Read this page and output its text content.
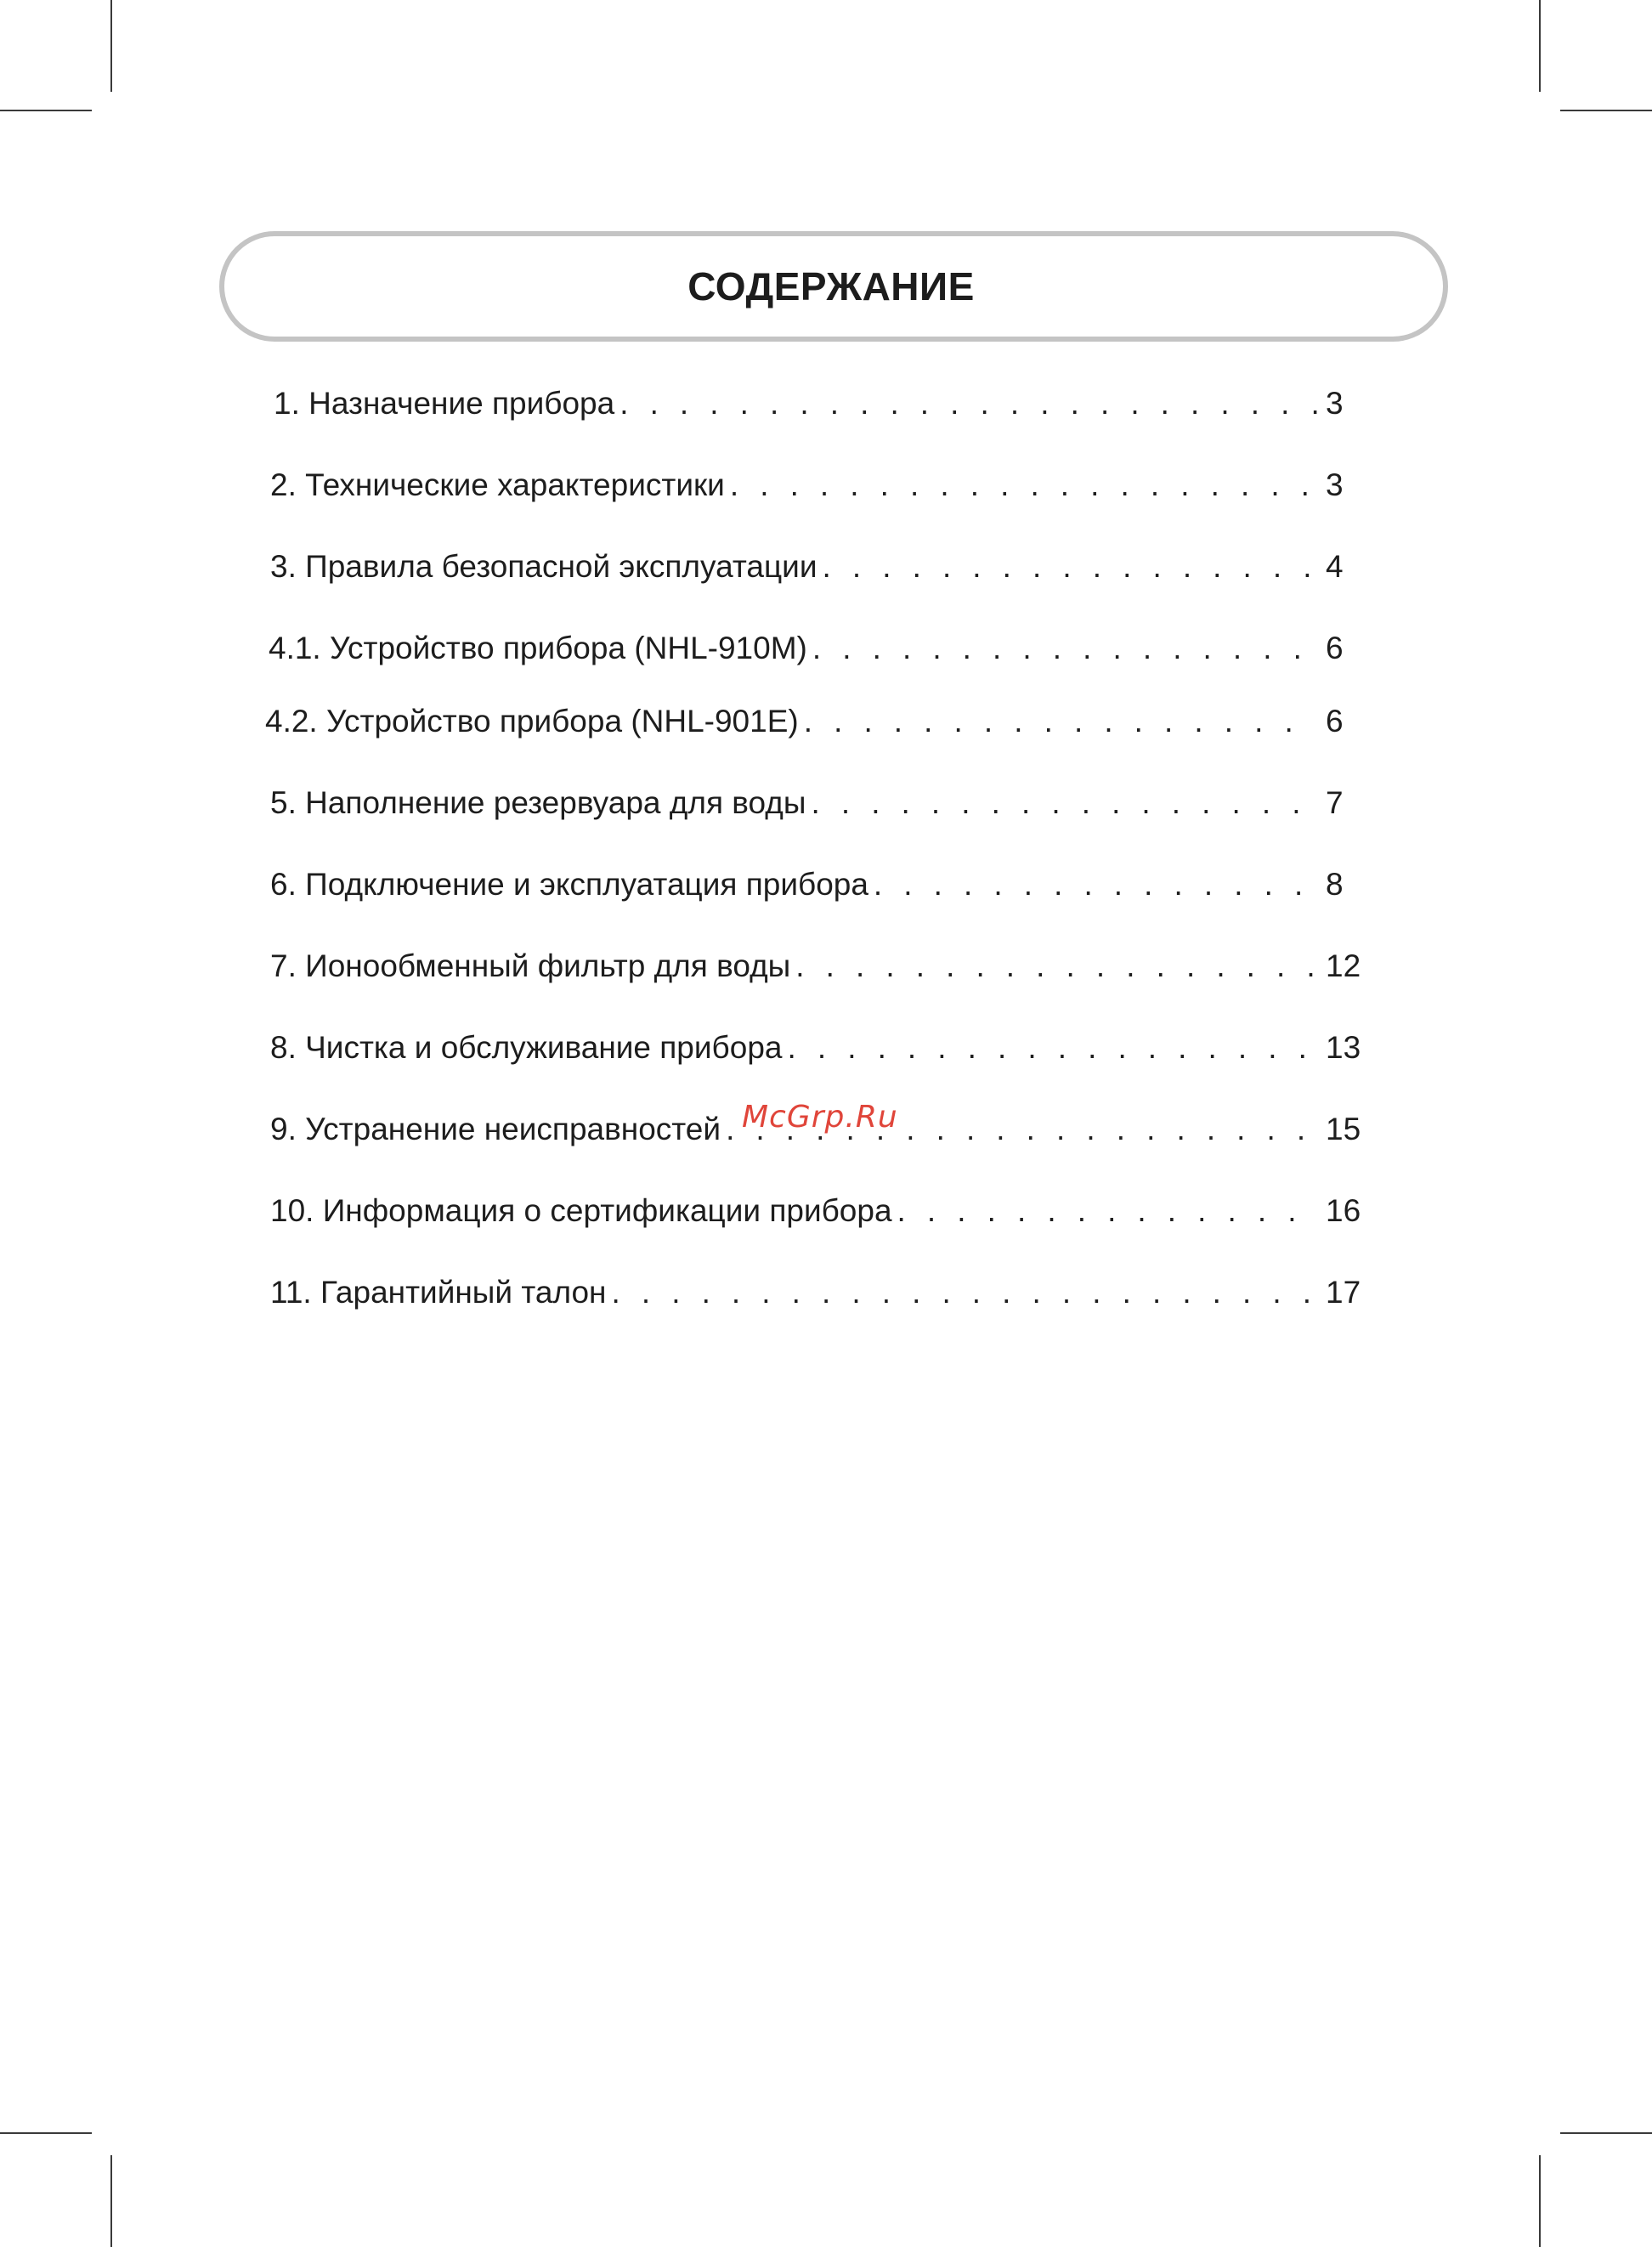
СОДЕРЖАНИЕ
1. Назначение прибора . . .	3
2. Технические характеристики . . .	3
3. Правила безопасной эксплуатации . . .	4
4.1. Устройство прибора (NHL-910M) . . .	6
4.2. Устройство прибора (NHL-901E) . . .	6
5. Наполнение резервуара для воды . . .	7
6. Подключение и эксплуатация прибора . . .	8
7. Ионообменный фильтр для воды . . .	12
8. Чистка и обслуживание прибора . . .	13
9. Устранение неисправностей . . .	15
10. Информация о сертификации прибора . . .	16
11. Гарантийный талон . . .	17
McGrp.Ru
